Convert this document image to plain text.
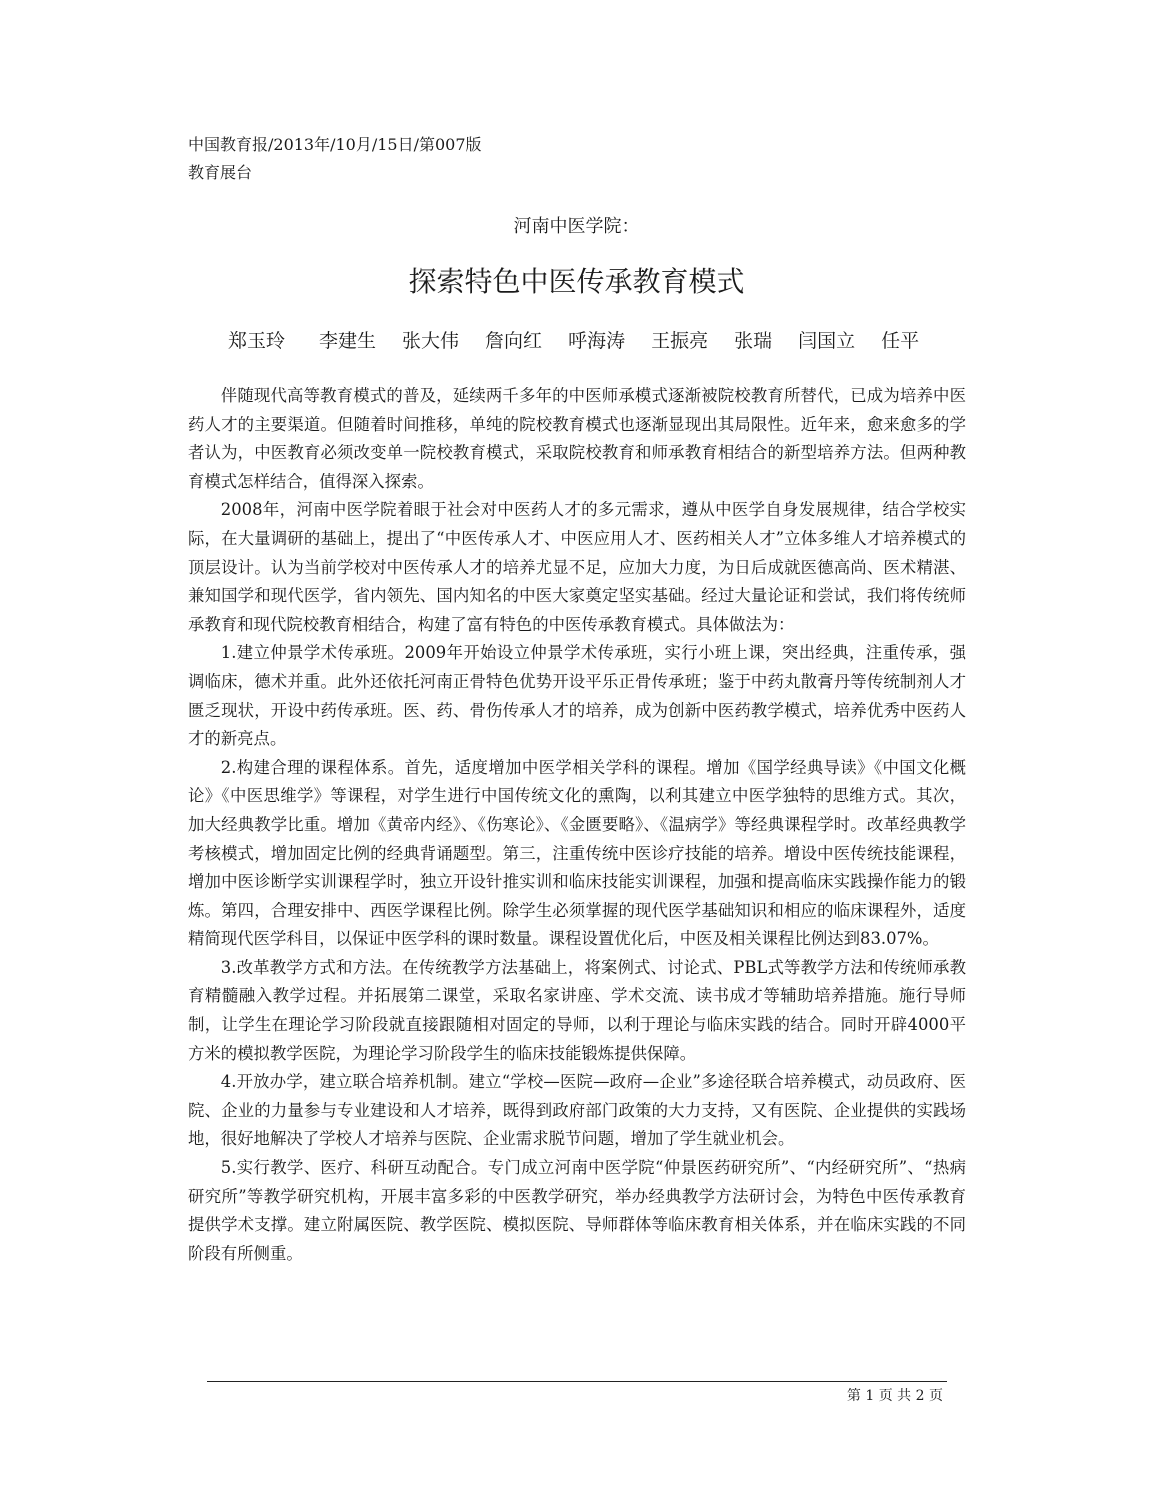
中国教育报/2013年/10月/15日/第007版
教育展台
河南中医学院：
探索特色中医传承教育模式
郑玉玲 李建生 张大伟 詹向红 呼海涛 王振亮 张瑞 闫国立 任平

伴随现代高等教育模式的普及，延续两千多年的中医师承模式逐渐被院校教育所替代，已成为培养中医药人才的主要渠道。但随着时间推移，单纯的院校教育模式也逐渐显现出其局限性。近年来，愈来愈多的学者认为，中医教育必须改变单一院校教育模式，采取院校教育和师承教育相结合的新型培养方法。但两种教育模式怎样结合，值得深入探索。

2008年，河南中医学院着眼于社会对中医药人才的多元需求，遵从中医学自身发展规律，结合学校实际，在大量调研的基础上，提出了“中医传承人才、中医应用人才、医药相关人才”立体多维人才培养模式的顶层设计。认为当前学校对中医传承人才的培养尤显不足，应加大力度，为日后成就医德高尚、医术精湛、兼知国学和现代医学，省内领先、国内知名的中医大家奠定坚实基础。经过大量论证和尝试，我们将传统师承教育和现代院校教育相结合，构建了富有特色的中医传承教育模式。具体做法为：

1.建立仲景学术传承班。2009年开始设立仲景学术传承班，实行小班上课，突出经典，注重传承，强调临床，德术并重。此外还依托河南正骨特色优势开设平乐正骨传承班；鉴于中药丸散膏丹等传统制剂人才匮乏现状，开设中药传承班。医、药、骨伤传承人才的培养，成为创新中医药教学模式，培养优秀中医药人才的新亮点。

2.构建合理的课程体系。首先，适度增加中医学相关学科的课程。增加《国学经典导读》《中国文化概论》《中医思维学》等课程，对学生进行中国传统文化的熏陶，以利其建立中医学独特的思维方式。其次，加大经典教学比重。增加《黄帝内经》、《伤寒论》、《金匮要略》、《温病学》等经典课程学时。改革经典教学考核模式，增加固定比例的经典背诵题型。第三，注重传统中医诊疗技能的培养。增设中医传统技能课程，增加中医诊断学实训课程学时，独立开设针推实训和临床技能实训课程，加强和提高临床实践操作能力的锻炼。第四，合理安排中、西医学课程比例。除学生必须掌握的现代医学基础知识和相应的临床课程外，适度精简现代医学科目，以保证中医学科的课时数量。课程设置优化后，中医及相关课程比例达到83.07%。

3.改革教学方式和方法。在传统教学方法基础上，将案例式、讨论式、PBL式等教学方法和传统师承教育精髓融入教学过程。并拓展第二课堂，采取名家讲座、学术交流、读书成才等辅助培养措施。施行导师制，让学生在理论学习阶段就直接跟随相对固定的导师，以利于理论与临床实践的结合。同时开辟4000平方米的模拟教学医院，为理论学习阶段学生的临床技能锻炼提供保障。

4.开放办学，建立联合培养机制。建立“学校—医院—政府—企业”多途径联合培养模式，动员政府、医院、企业的力量参与专业建设和人才培养，既得到政府部门政策的大力支持，又有医院、企业提供的实践场地，很好地解决了学校人才培养与医院、企业需求脱节问题，增加了学生就业机会。

5.实行教学、医疗、科研互动配合。专门成立河南中医学院“仲景医药研究所”、“内经研究所”、“热病研究所”等教学研究机构，开展丰富多彩的中医教学研究，举办经典教学方法研讨会，为特色中医传承教育提供学术支撑。建立附属医院、教学医院、模拟医院、导师群体等临床教育相关体系，并在临床实践的不同阶段有所侧重。

第 1 页 共 2 页
